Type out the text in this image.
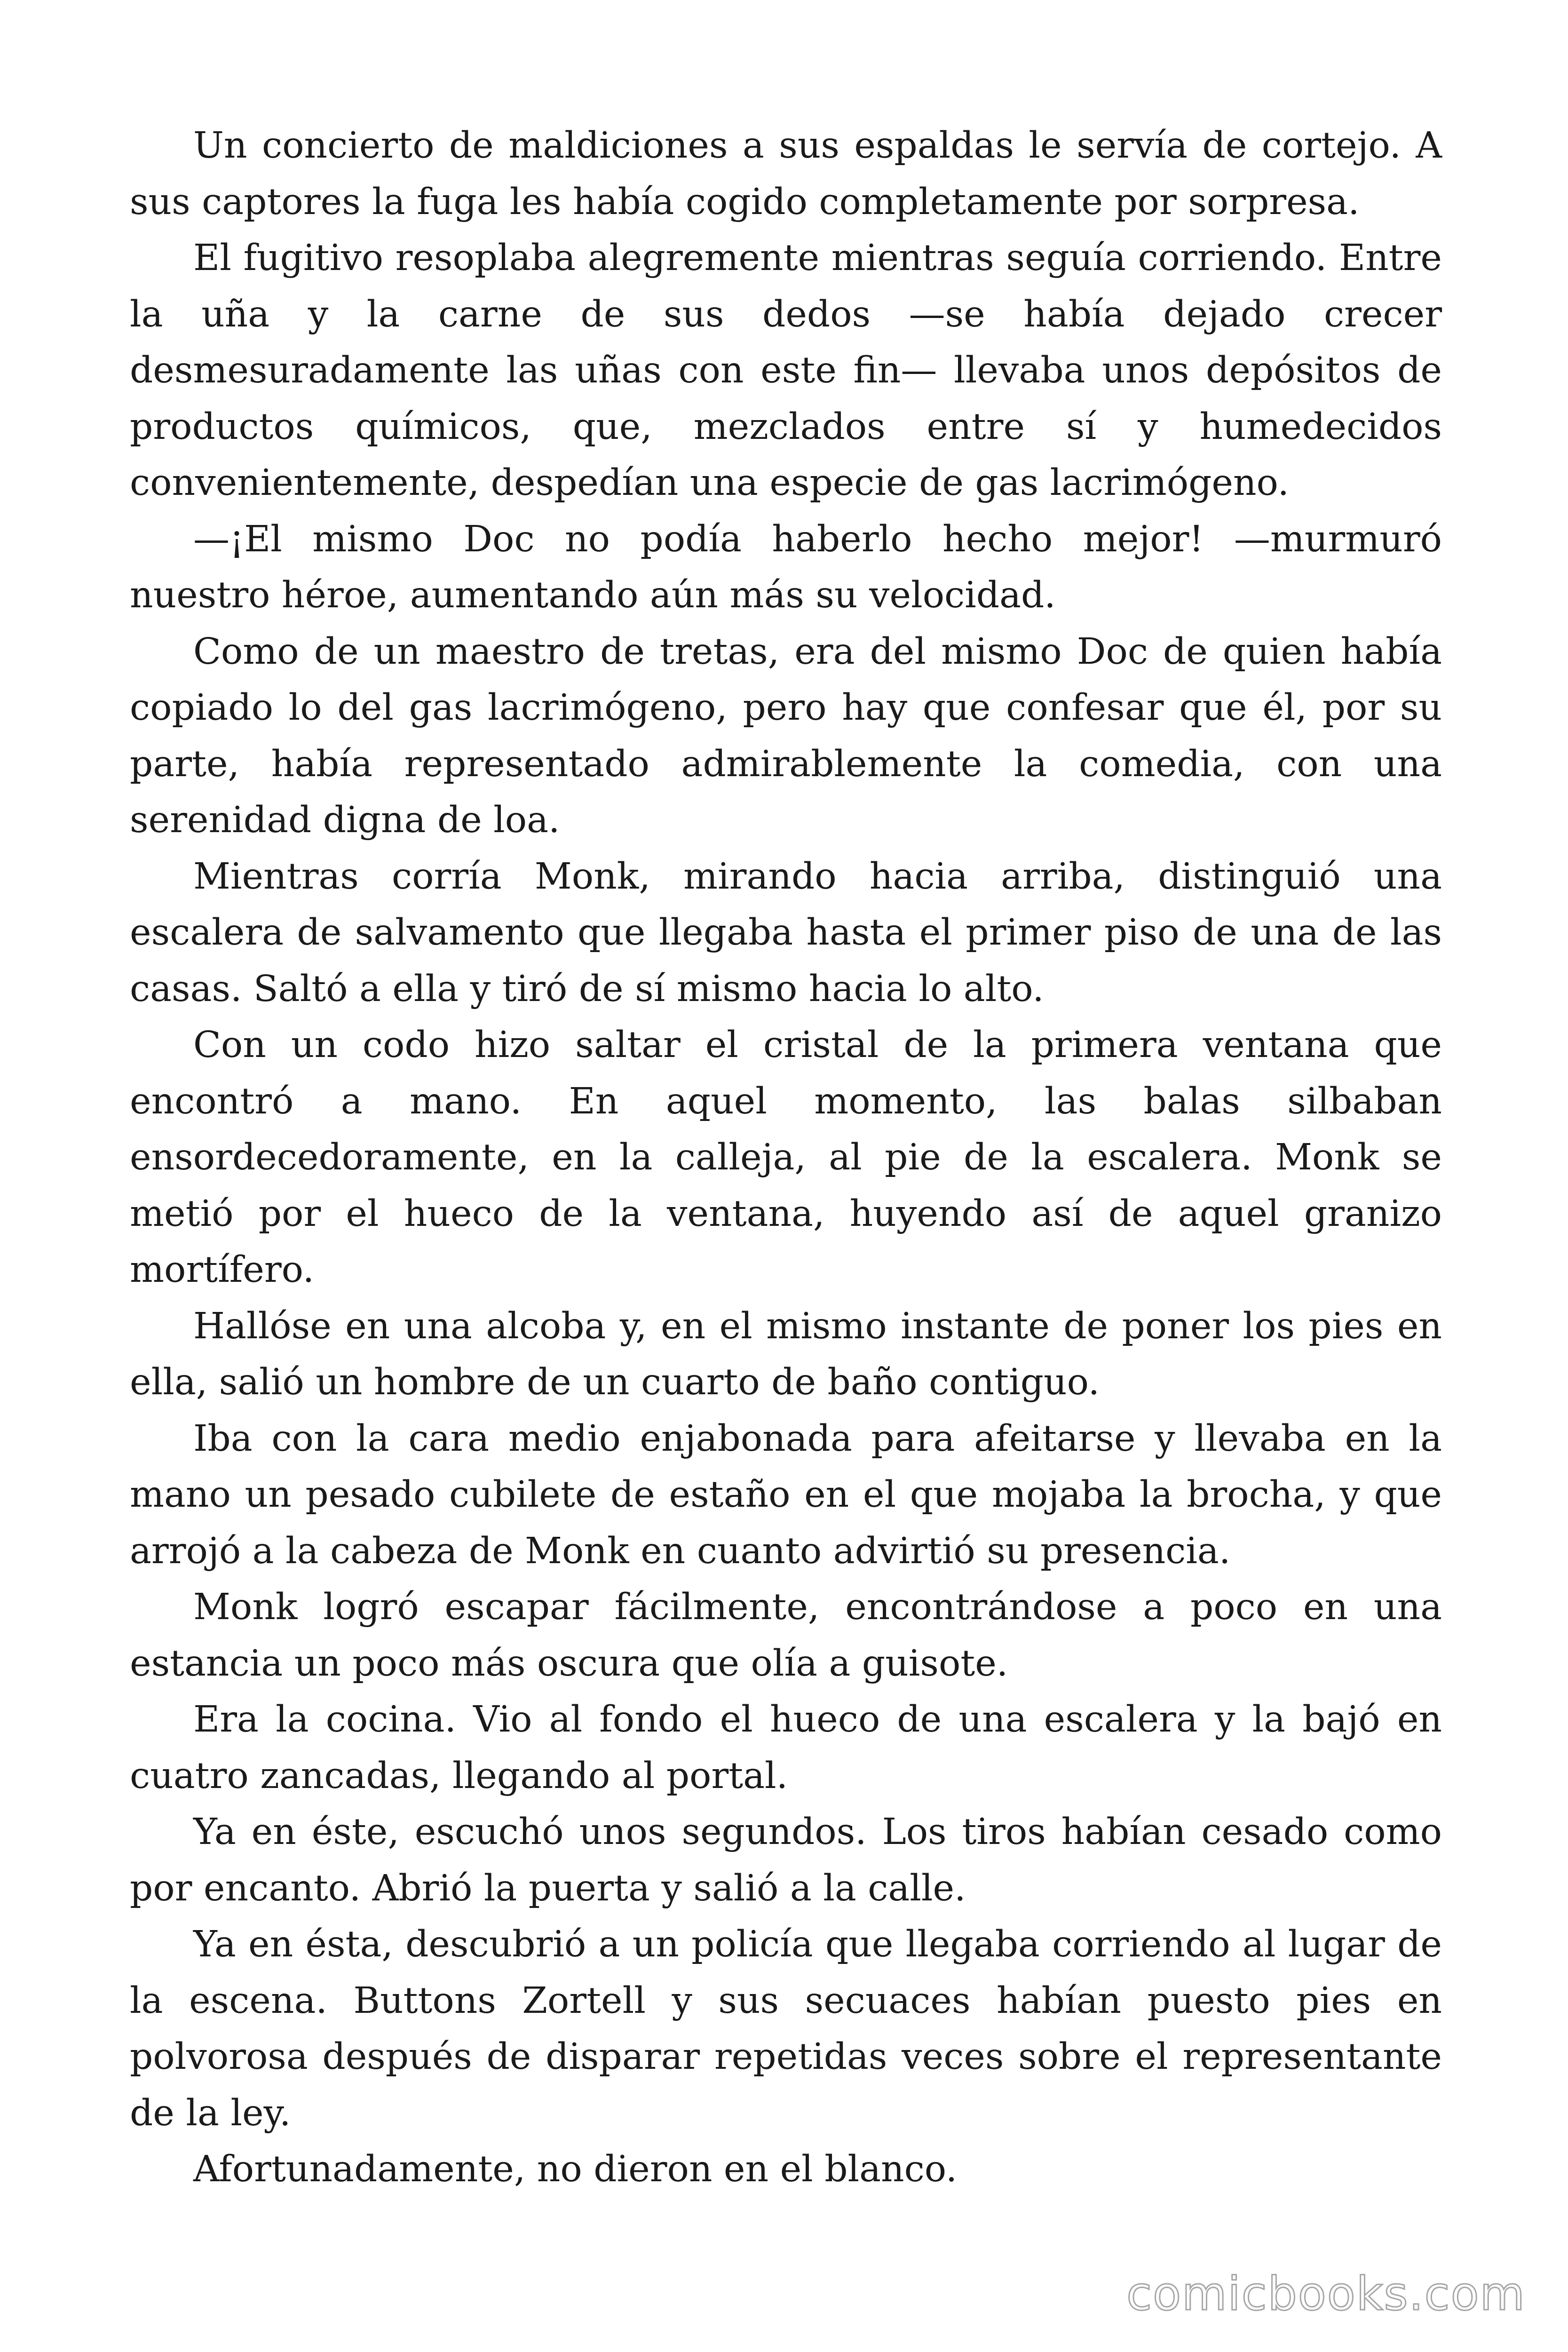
Un concierto de maldiciones a sus espaldas le servía de cortejo. A sus captores la fuga les había cogido completamente por sorpresa.

El fugitivo resoplaba alegremente mientras seguía corriendo. Entre la uña y la carne de sus dedos —se había dejado crecer desmesuradamente las uñas con este fin— llevaba unos depósitos de productos químicos, que, mezclados entre sí y humedecidos convenientemente, despedían una especie de gas lacrimógeno.

—¡El mismo Doc no podía haberlo hecho mejor! —murmuró nuestro héroe, aumentando aún más su velocidad.

Como de un maestro de tretas, era del mismo Doc de quien había copiado lo del gas lacrimógeno, pero hay que confesar que él, por su parte, había representado admirablemente la comedia, con una serenidad digna de loa.

Mientras corría Monk, mirando hacia arriba, distinguió una escalera de salvamento que llegaba hasta el primer piso de una de las casas. Saltó a ella y tiró de sí mismo hacia lo alto.

Con un codo hizo saltar el cristal de la primera ventana que encontró a mano. En aquel momento, las balas silbaban ensordecedoramente, en la calleja, al pie de la escalera. Monk se metió por el hueco de la ventana, huyendo así de aquel granizo mortífero.

Hallóse en una alcoba y, en el mismo instante de poner los pies en ella, salió un hombre de un cuarto de baño contiguo.

Iba con la cara medio enjabonada para afeitarse y llevaba en la mano un pesado cubilete de estaño en el que mojaba la brocha, y que arrojó a la cabeza de Monk en cuanto advirtió su presencia.

Monk logró escapar fácilmente, encontrándose a poco en una estancia un poco más oscura que olía a guisote.

Era la cocina. Vio al fondo el hueco de una escalera y la bajó en cuatro zancadas, llegando al portal.

Ya en éste, escuchó unos segundos. Los tiros habían cesado como por encanto. Abrió la puerta y salió a la calle.

Ya en ésta, descubrió a un policía que llegaba corriendo al lugar de la escena. Buttons Zortell y sus secuaces habían puesto pies en polvorosa después de disparar repetidas veces sobre el representante de la ley.

Afortunadamente, no dieron en el blanco.

comicbooks.com
